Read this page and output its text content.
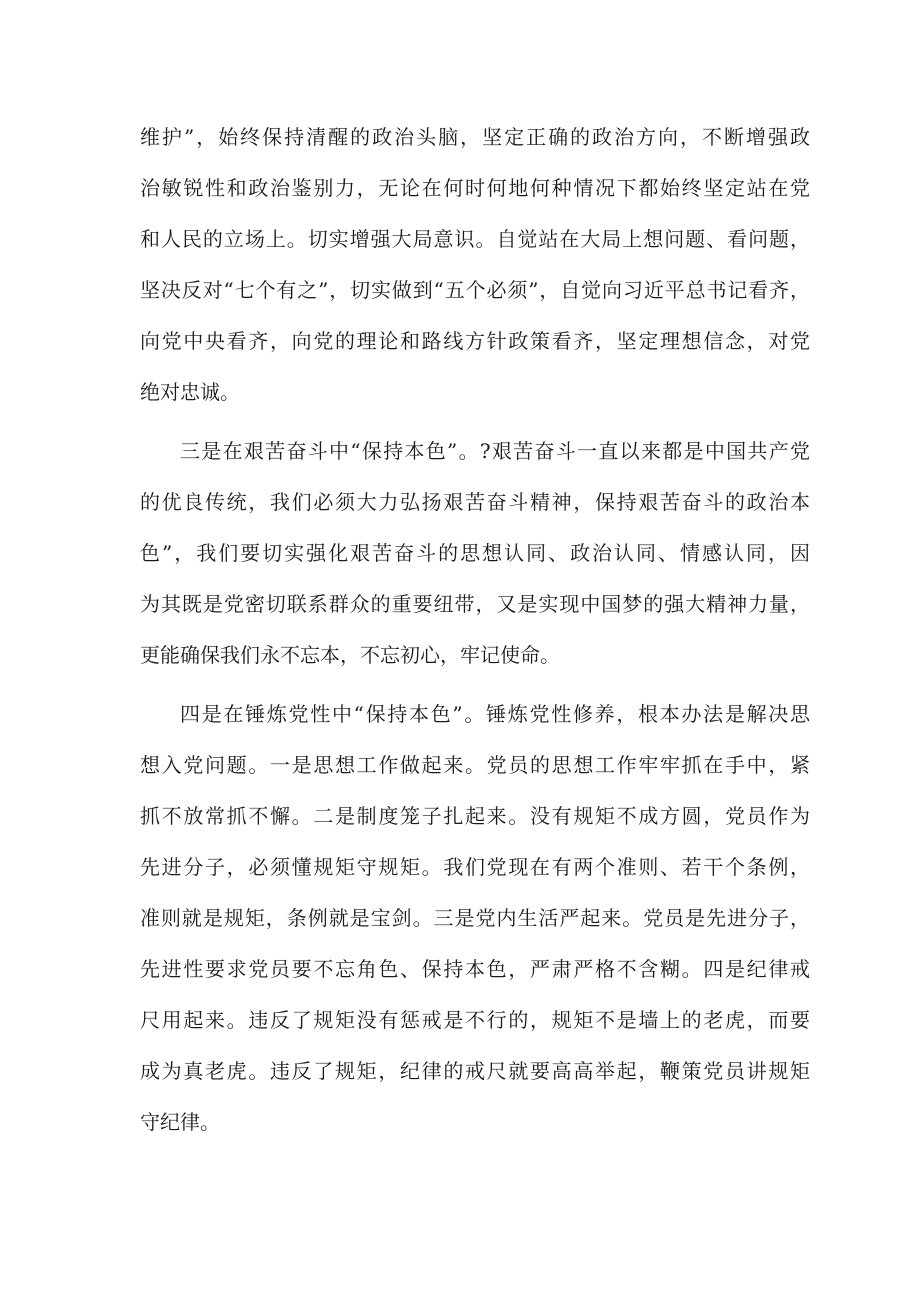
维护”，始终保持清醒的政治头脑，坚定正确的政治方向，不断增强政
治敏锐性和政治鉴别力，无论在何时何地何种情况下都始终坚定站在党
和人民的立场上。切实增强大局意识。自觉站在大局上想问题、看问题，
坚决反对“七个有之”，切实做到“五个必须”，自觉向习近平总书记看齐，
向党中央看齐，向党的理论和路线方针政策看齐，坚定理想信念，对党
绝对忠诚。
三是在艰苦奋斗中“保持本色”。?艰苦奋斗一直以来都是中国共产党
的优良传统，我们必须大力弘扬艰苦奋斗精神，保持艰苦奋斗的政治本
色”，我们要切实强化艰苦奋斗的思想认同、政治认同、情感认同，因
为其既是党密切联系群众的重要纽带，又是实现中国梦的强大精神力量，
更能确保我们永不忘本，不忘初心，牢记使命。
四是在锤炼党性中“保持本色”。锤炼党性修养，根本办法是解决思
想入党问题。一是思想工作做起来。党员的思想工作牢牢抓在手中，紧
抓不放常抓不懈。二是制度笼子扎起来。没有规矩不成方圆，党员作为
先进分子，必须懂规矩守规矩。我们党现在有两个准则、若干个条例，
准则就是规矩，条例就是宝剑。三是党内生活严起来。党员是先进分子，
先进性要求党员要不忘角色、保持本色，严肃严格不含糊。四是纪律戒
尺用起来。违反了规矩没有惩戒是不行的，规矩不是墙上的老虎，而要
成为真老虎。违反了规矩，纪律的戒尺就要高高举起，鞭策党员讲规矩
守纪律。
